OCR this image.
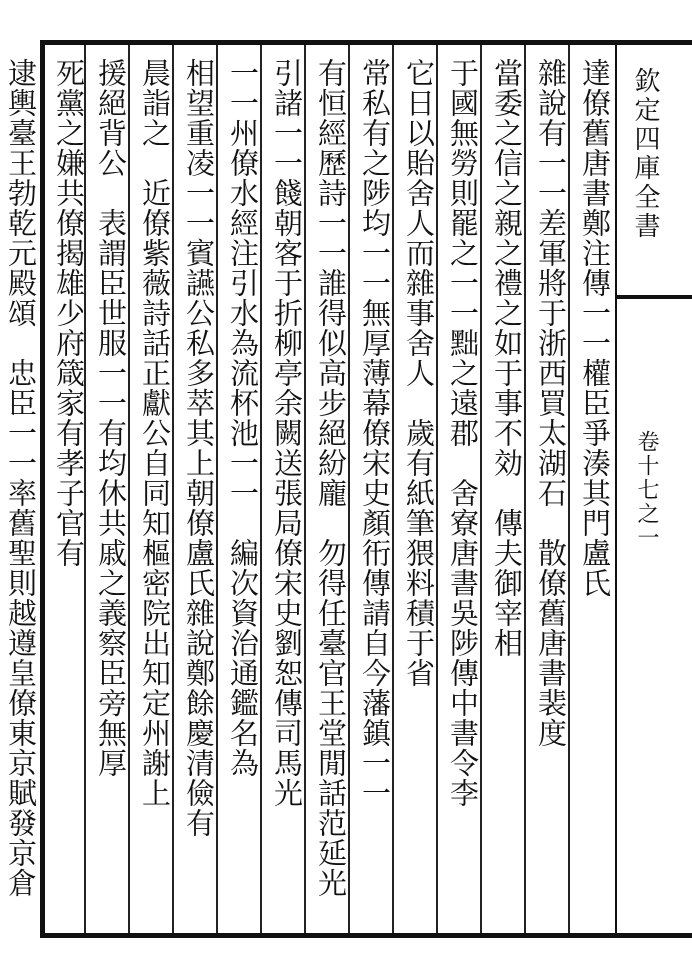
欽定四庫全書
卷十七之一
達僚舊唐書鄭注傳一一權臣爭湊其門盧氏
雜說有一一差軍將于浙西買太湖石　散僚舊唐書裴度
當委之信之親之禮之如于事不効　傳夫御宰相
于國無勞則罷之一一黜之遠郡　舍寮唐書吳陟傳中書令李
它日以貽舍人而雜事舍人　歲有紙筆猥料積于省
常私有之陟均一一無厚薄幕僚宋史顏衎傳請自今藩鎮一一
有恒經歷詩一一誰得似高步絕紛龐　勿得任臺官王堂閒話范延光
引諸一一餞朝客于折柳亭余闕送張局僚宋史劉恕傳司馬光
一一州僚水經注引水為流杯池一一　編次資治通鑑名為
相望重凌一一賓讌公私多萃其上朝僚盧氏雜說鄭餘慶清儉有
晨詣之　近僚紫薇詩話正獻公自同知樞密院出知定州謝上
援絕背公　表謂臣世服一一有均休共戚之義察臣旁無厚
死黨之嫌共僚揭雄少府箴家有孝子官有
逮輿臺王勃乾元殿頌　忠臣一一率舊聖則越遵皇僚東京賦發京倉
